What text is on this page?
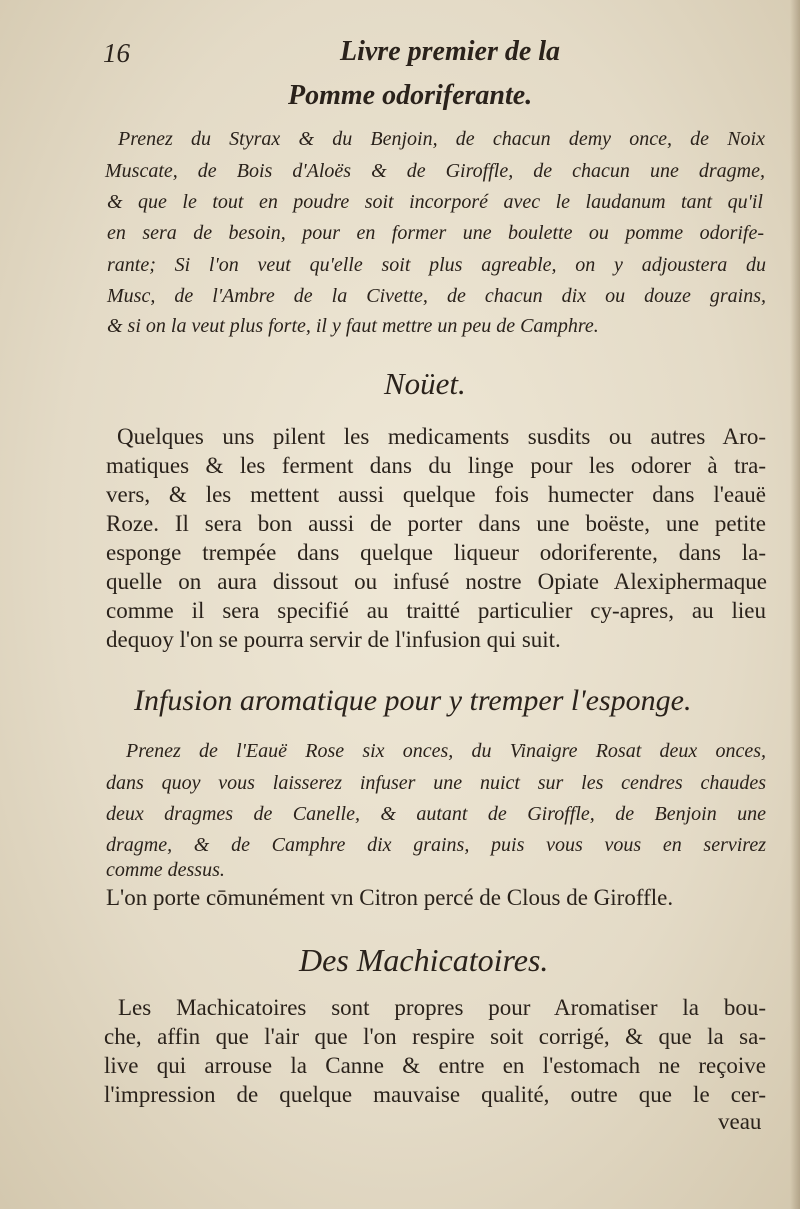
16	Livre premier de la
Pomme odoriferante.
Prenez du Styrax & du Benjoin, de chacun demy once, de Noix
Muscate, de Bois d'Aloës & de Giroffle, de chacun une dragme,
& que le tout en poudre soit incorporé avec le laudanum tant qu'il
en sera de besoin, pour en former une boulette ou pomme odorife-
rante; Si l'on veut qu'elle soit plus agreable, on y adjoustera du
Musc, de l'Ambre de la Civette, de chacun dix ou douze grains,
& si on la veut plus forte, il y faut mettre un peu de Camphre.
Noüet.
Quelques uns pilent les medicaments susdits ou autres Aro-
matiques & les ferment dans du linge pour les odorer à tra-
vers, & les mettent aussi quelque fois humecter dans l'eauë
Roze. Il sera bon aussi de porter dans une boëste, une petite
esponge trempée dans quelque liqueur odoriferente, dans la-
quelle on aura dissout ou infusé nostre Opiate Alexiphermaque
comme il sera specifié au traitté particulier cy-apres, au lieu
dequoy l'on se pourra servir de l'infusion qui suit.
Infusion aromatique pour y tremper l'esponge.
Prenez de l'Eauë Rose six onces, du Vinaigre Rosat deux onces,
dans quoy vous laisserez infuser une nuict sur les cendres chaudes
deux dragmes de Canelle, & autant de Giroffle, de Benjoin une
dragme, & de Camphre dix grains, puis vous vous en servirez
comme dessus.
L'on porte cōmunément vn Citron percé de Clous de Giroffle.
Des Machicatoires.
Les Machicatoires sont propres pour Aromatiser la bou-
che, affin que l'air que l'on respire soit corrigé, & que la sa-
live qui arrouse la Canne & entre en l'estomach ne reçoive
l'impression de quelque mauvaise qualité, outre que le cer-
veau
